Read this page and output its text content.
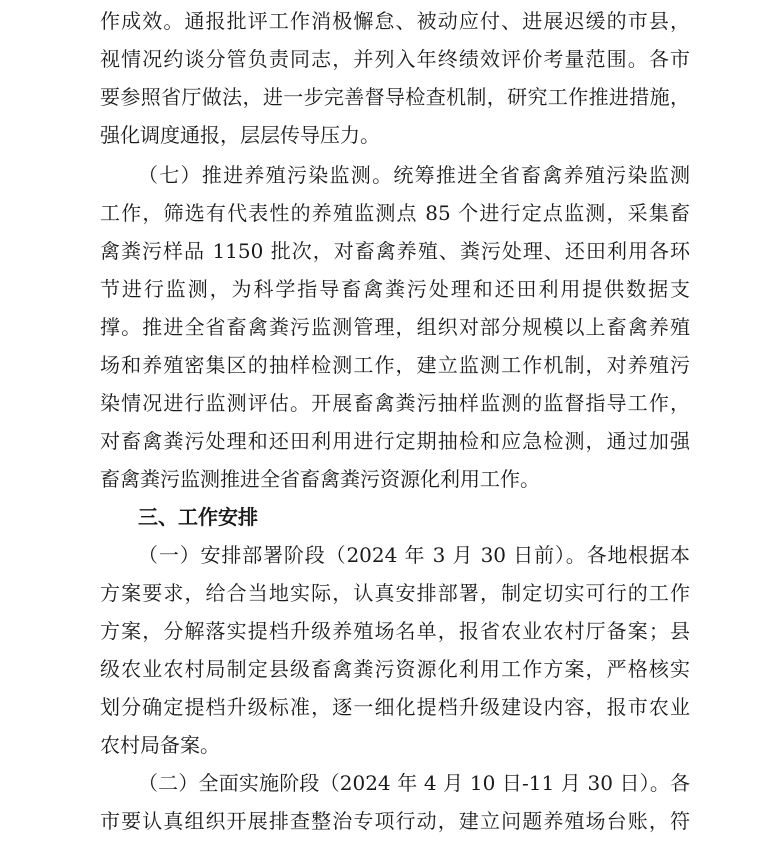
作成效。通报批评工作消极懈怠、被动应付、进展迟缓的市县，
视情况约谈分管负责同志，并列入年终绩效评价考量范围。各市
要参照省厅做法，进一步完善督导检查机制，研究工作推进措施，
强化调度通报，层层传导压力。
（七）推进养殖污染监测。统筹推进全省畜禽养殖污染监测
工作，筛选有代表性的养殖监测点 85 个进行定点监测，采集畜
禽粪污样品 1150 批次，对畜禽养殖、粪污处理、还田利用各环
节进行监测，为科学指导畜禽粪污处理和还田利用提供数据支
撑。推进全省畜禽粪污监测管理，组织对部分规模以上畜禽养殖
场和养殖密集区的抽样检测工作，建立监测工作机制，对养殖污
染情况进行监测评估。开展畜禽粪污抽样监测的监督指导工作，
对畜禽粪污处理和还田利用进行定期抽检和应急检测，通过加强
畜禽粪污监测推进全省畜禽粪污资源化利用工作。
三、工作安排
（一）安排部署阶段（2024 年 3 月 30 日前）。各地根据本
方案要求，给合当地实际，认真安排部署，制定切实可行的工作
方案，分解落实提档升级养殖场名单，报省农业农村厅备案；县
级农业农村局制定县级畜禽粪污资源化利用工作方案，严格核实
划分确定提档升级标准，逐一细化提档升级建设内容，报市农业
农村局备案。
（二）全面实施阶段（2024 年 4 月 10 日-11 月 30 日）。各
市要认真组织开展排查整治专项行动，建立问题养殖场台账，符
